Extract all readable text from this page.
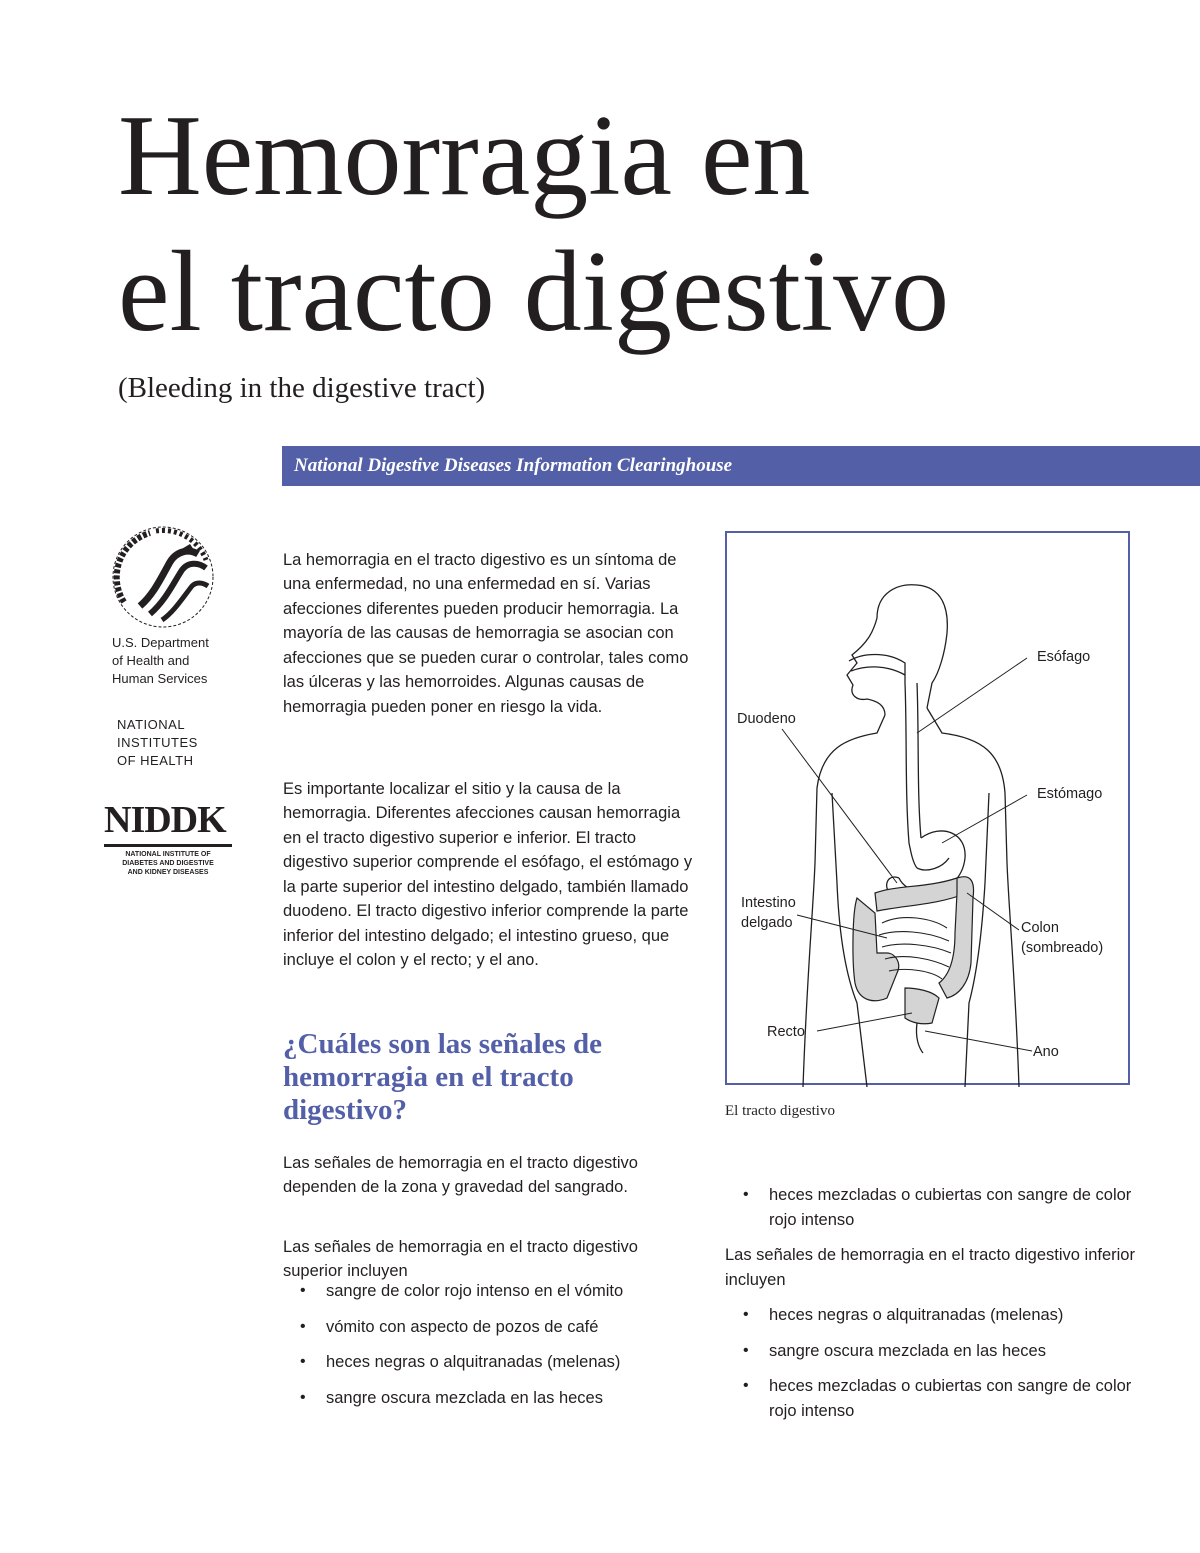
Hemorragia en
el tracto digestivo
(Bleeding in the digestive tract)
National Digestive Diseases Information Clearinghouse
U.S. Department
of Health and
Human Services
NATIONAL
INSTITUTES
OF HEALTH
NIDDK
NATIONAL INSTITUTE OF
DIABETES AND DIGESTIVE
AND KIDNEY DISEASES

La hemorragia en el tracto digestivo es un síntoma de una enfermedad, no una enfermedad en sí. Varias afecciones diferentes pueden producir hemorragia. La mayoría de las causas de hemorragia se asocian con afecciones que se pueden curar o controlar, tales como las úlceras y las hemorroides. Algunas causas de hemorragia pueden poner en riesgo la vida.

Es importante localizar el sitio y la causa de la hemorragia. Diferentes afecciones causan hemorragia en el tracto digestivo superior e inferior. El tracto digestivo superior comprende el esófago, el estómago y la parte superior del intestino delgado, también llamado duodeno. El tracto digestivo inferior comprende la parte inferior del intestino delgado; el intestino grueso, que incluye el colon y el recto; y el ano.

¿Cuáles son las señales de hemorragia en el tracto digestivo?

Las señales de hemorragia en el tracto digestivo dependen de la zona y gravedad del sangrado.

Las señales de hemorragia en el tracto digestivo superior incluyen

• sangre de color rojo intenso en el vómito
• vómito con aspecto de pozos de café
• heces negras o alquitranadas (melenas)
• sangre oscura mezclada en las heces
Esófago
Duodeno
Estómago
Intestino
delgado	Colon
(sombreado)
Recto
Ano
El tracto digestivo
• heces mezcladas o cubiertas con sangre de color rojo intenso

Las señales de hemorragia en el tracto digestivo inferior incluyen

• heces negras o alquitranadas (melenas)
• sangre oscura mezclada en las heces
• heces mezcladas o cubiertas con sangre de color rojo intenso
